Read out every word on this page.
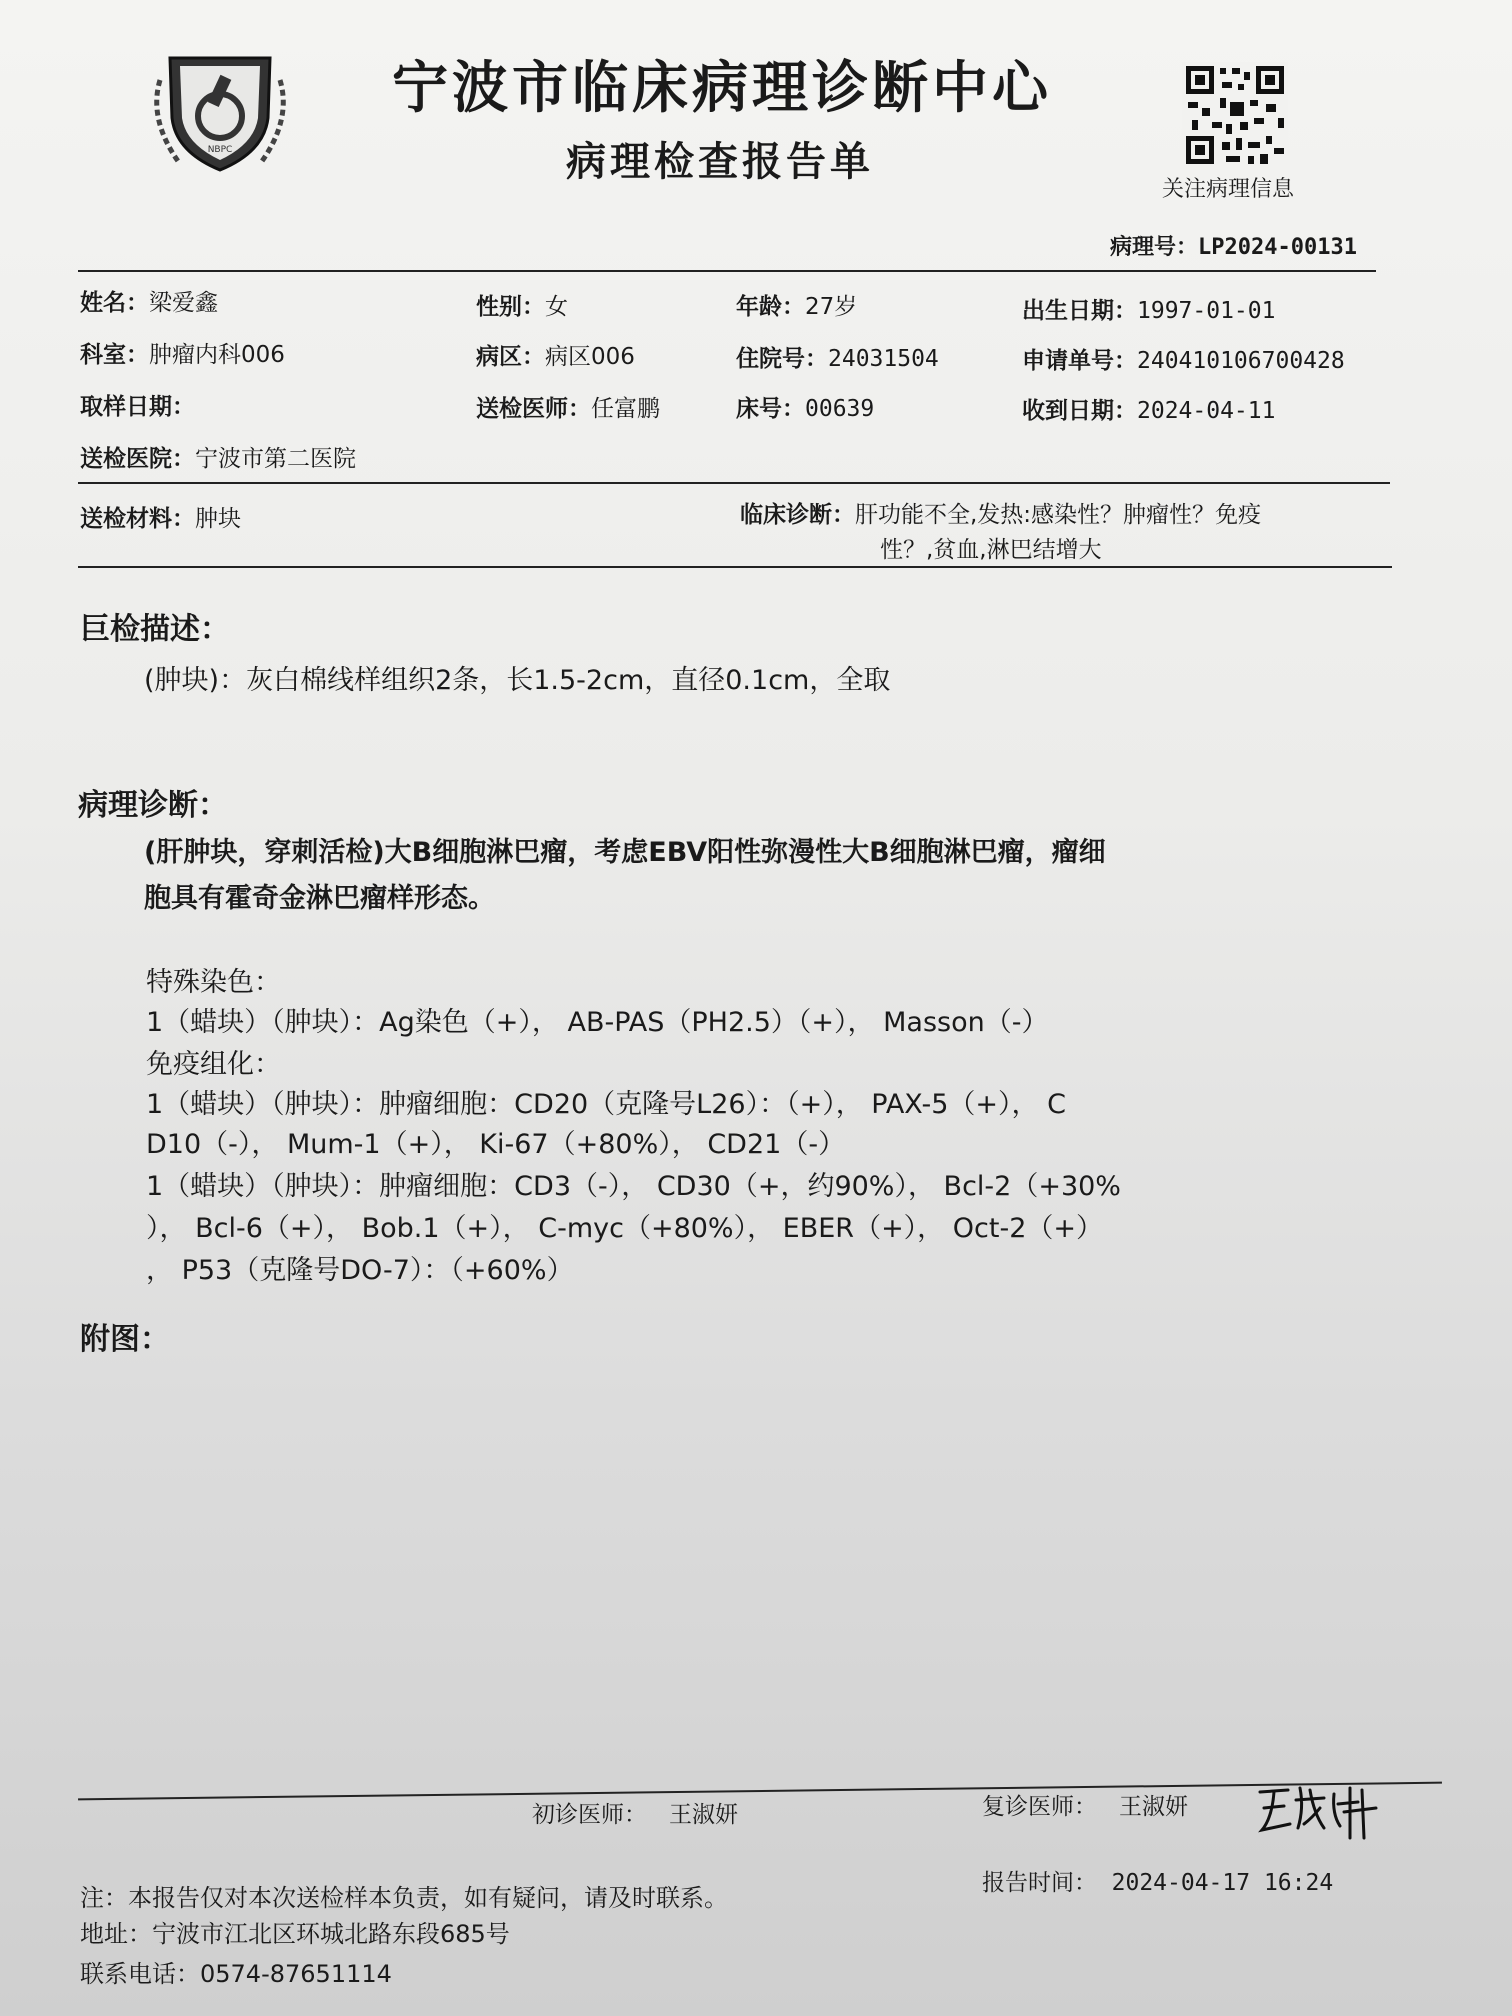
NBPC
宁波市临床病理诊断中心
病理检查报告单
关注病理信息
病理号：LP2024-00131
姓名：梁爱鑫	性别：女	年龄：27岁	出生日期：1997-01-01
科室：肿瘤内科006	病区：病区006	住院号：24031504	申请单号：240410106700428
取样日期：	送检医师：任富鹏	床号：00639	收到日期：2024-04-11
送检医院：宁波市第二医院
送检材料：肿块	临床诊断：肝功能不全,发热:感染性？肿瘤性？免疫
性？,贫血,淋巴结增大
巨检描述：
(肿块)：灰白棉线样组织2条，长1.5-2cm，直径0.1cm，全取
病理诊断：
(肝肿块，穿刺活检)大B细胞淋巴瘤，考虑EBV阳性弥漫性大B细胞淋巴瘤，瘤细
胞具有霍奇金淋巴瘤样形态。
特殊染色：
1（蜡块）（肿块）：Ag染色（+）， AB-PAS（PH2.5）（+）， Masson（-）
免疫组化：
1（蜡块）（肿块）：肿瘤细胞：CD20（克隆号L26）：（+）， PAX-5（+）， C
D10（-）， Mum-1（+）， Ki-67（+80%）， CD21（-）
1（蜡块）（肿块）：肿瘤细胞：CD3（-）， CD30（+，约90%）， Bcl-2（+30%
）， Bcl-6（+）， Bob.1（+）， C-myc（+80%）， EBER（+）， Oct-2（+）
， P53（克隆号DO-7）：（+60%）
附图：
初诊医师： 王淑妍	复诊医师： 王淑妍
报告时间： 2024-04-17 16:24
注：本报告仅对本次送检样本负责，如有疑问，请及时联系。
地址：宁波市江北区环城北路东段685号
联系电话：0574-87651114
